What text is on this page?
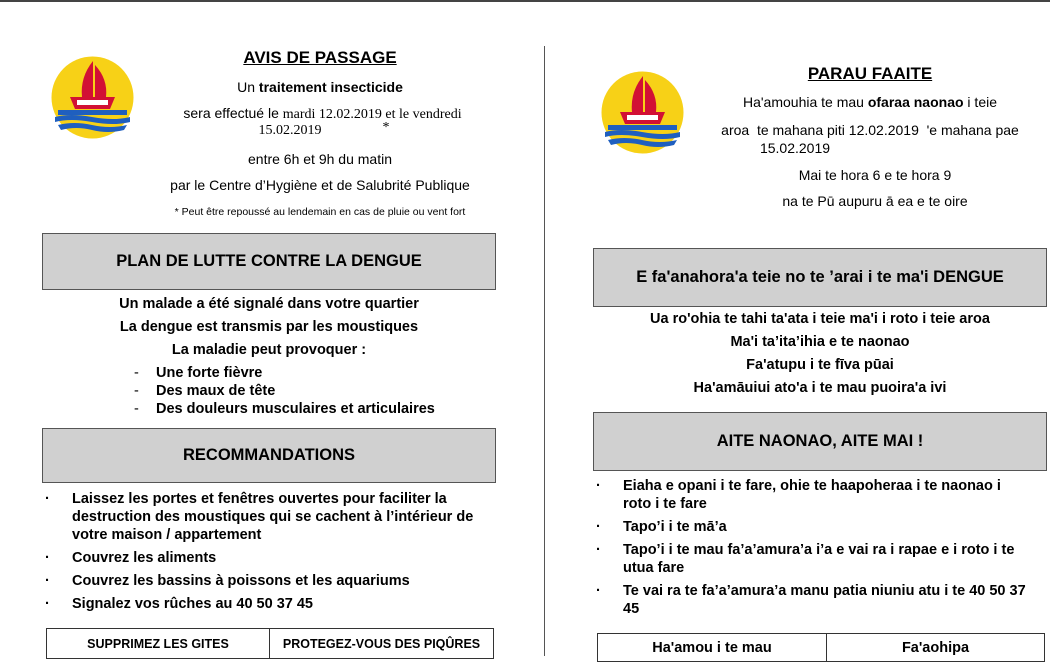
AVIS DE PASSAGE
Un traitement insecticide
sera effectué le mardi 12.02.2019 et le vendredi
15.02.2019	*
entre 6h et 9h du matin
par le Centre d’Hygiène et de Salubrité Publique
* Peut être repoussé au lendemain en cas de pluie ou vent fort
PLAN DE LUTTE CONTRE LA DENGUE
Un malade a été signalé dans votre quartier
La dengue est transmis par les moustiques
La maladie peut provoquer :
- Une forte fièvre
- Des maux de tête
- Des douleurs musculaires et articulaires
RECOMMANDATIONS
· Laissez les portes et fenêtres ouvertes pour faciliter la destruction des moustiques qui se cachent à l’intérieur de votre maison / appartement
· Couvrez les aliments
· Couvrez les bassins à poissons et les aquariums
· Signalez vos rûches au 40 50 37 45
SUPPRIMEZ LES GITES	PROTEGEZ-VOUS DES PIQÛRES
PARAU FAAITE
Ha'amouhia te mau ofaraa naonao i teie
aroa  te mahana piti 12.02.2019  'e mahana pae
15.02.2019
Mai te hora 6 e te hora 9
na te Pū aupuru ā ea e te oire
E fa'anahora'a teie no te ’arai i te ma'i DENGUE
Ua ro'ohia te tahi ta'ata i teie ma'i i roto i teie aroa
Ma'i ta’ita’ihia e te naonao
Fa'atupu i te fīva pūai
Ha'amāuiui ato'a i te mau puoira'a ivi
AITE NAONAO, AITE MAI !
· Eiaha e opani i te fare, ohie te haapoheraa i te naonao i roto i te fare
· Tapo’i i te mā’a
· Tapo’i i te mau fa’a’amura’a i’a e vai ra i rapae e i roto i te utua fare
· Te vai ra te fa’a’amura’a manu patia niuniu atu i te 40 50 37 45
Ha'amou i te mau	Fa'aohipa
